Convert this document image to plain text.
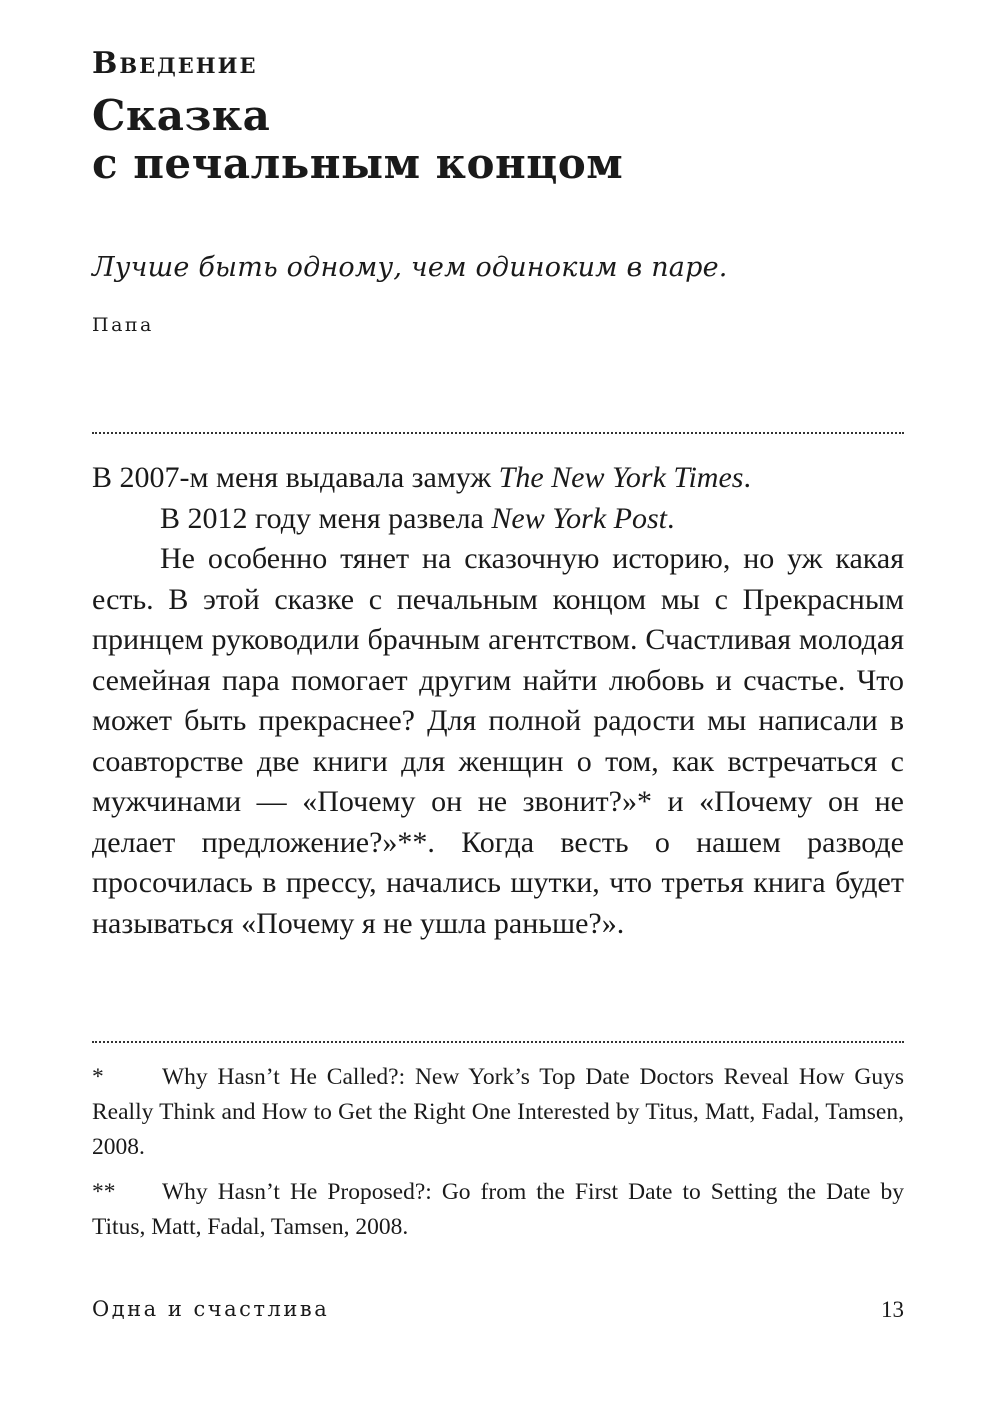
Введение
Сказка
с печальным концом
Лучше быть одному, чем одиноким в паре.
Папа

В 2007-м меня выдавала замуж The New York Times.

В 2012 году меня развела New York Post.

Не особенно тянет на сказочную историю, но уж какая есть. В этой сказке с печальным концом мы с Прекрасным принцем руководили брачным агентством. Счастливая молодая семейная пара помогает другим найти любовь и счастье. Что может быть прекраснее? Для полной радости мы написали в соавторстве две книги для женщин о том, как встречаться с мужчинами — «Почему он не звонит?»* и «Почему он не делает предложение?»**. Когда весть о нашем разводе просочилась в прессу, начались шутки, что третья книга будет называться «Почему я не ушла раньше?».

* Why Hasn’t He Called?: New York’s Top Date Doctors Reveal How Guys Really Think and How to Get the Right One Interested by Titus, Matt, Fadal, Tamsen, 2008.

** Why Hasn’t He Proposed?: Go from the First Date to Setting the Date by Titus, Matt, Fadal, Tamsen, 2008.

Одна и счастлива	13
